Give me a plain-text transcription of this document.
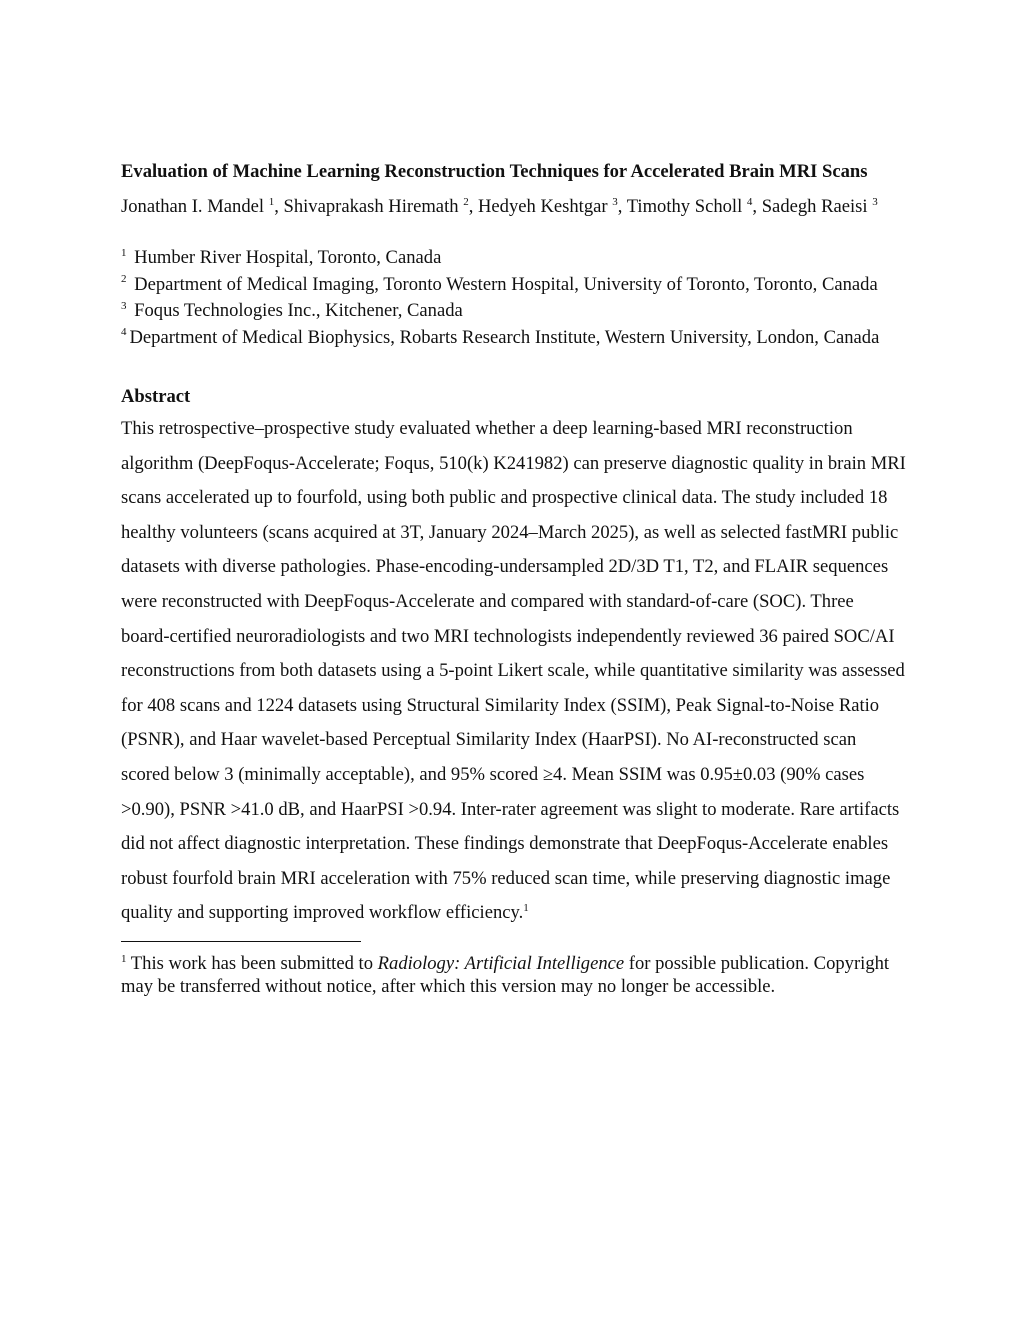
Evaluation of Machine Learning Reconstruction Techniques for Accelerated Brain MRI Scans

Jonathan I. Mandel $^1$, Shivaprakash Hiremath $^2$, Hedyeh Keshtgar $^3$, Timothy Scholl $^4$, Sadegh Raeisi $^3$

$^1$ Humber River Hospital, Toronto, Canada

$^2$ Department of Medical Imaging, Toronto Western Hospital, University of Toronto, Toronto, Canada

$^3$ Foqus Technologies Inc., Kitchener, Canada

$^4$ Department of Medical Biophysics, Robarts Research Institute, Western University, London, Canada

Abstract

This retrospective–prospective study evaluated whether a deep learning-based MRI reconstruction algorithm (DeepFoqus-Accelerate; Foqus, 510(k) K241982) can preserve diagnostic quality in brain MRI scans accelerated up to fourfold, using both public and prospective clinical data. The study included 18 healthy volunteers (scans acquired at 3T, January 2024–March 2025), as well as selected fastMRI public datasets with diverse pathologies. Phase-encoding-undersampled 2D/3D T1, T2, and FLAIR sequences were reconstructed with DeepFoqus-Accelerate and compared with standard-of-care (SOC). Three board-certified neuroradiologists and two MRI technologists independently reviewed 36 paired SOC/AI reconstructions from both datasets using a 5-point Likert scale, while quantitative similarity was assessed for 408 scans and 1224 datasets using Structural Similarity Index (SSIM), Peak Signal-to-Noise Ratio (PSNR), and Haar wavelet-based Perceptual Similarity Index (HaarPSI). No AI-reconstructed scan scored below 3 (minimally acceptable), and 95% scored ≥4. Mean SSIM was 0.95±0.03 (90% cases >0.90), PSNR >41.0 dB, and HaarPSI >0.94. Inter-rater agreement was slight to moderate. Rare artifacts did not affect diagnostic interpretation. These findings demonstrate that DeepFoqus-Accelerate enables robust fourfold brain MRI acceleration with 75% reduced scan time, while preserving diagnostic image quality and supporting improved workflow efficiency.$^1$

$^1$ This work has been submitted to Radiology: Artificial Intelligence for possible publication. Copyright may be transferred without notice, after which this version may no longer be accessible.
